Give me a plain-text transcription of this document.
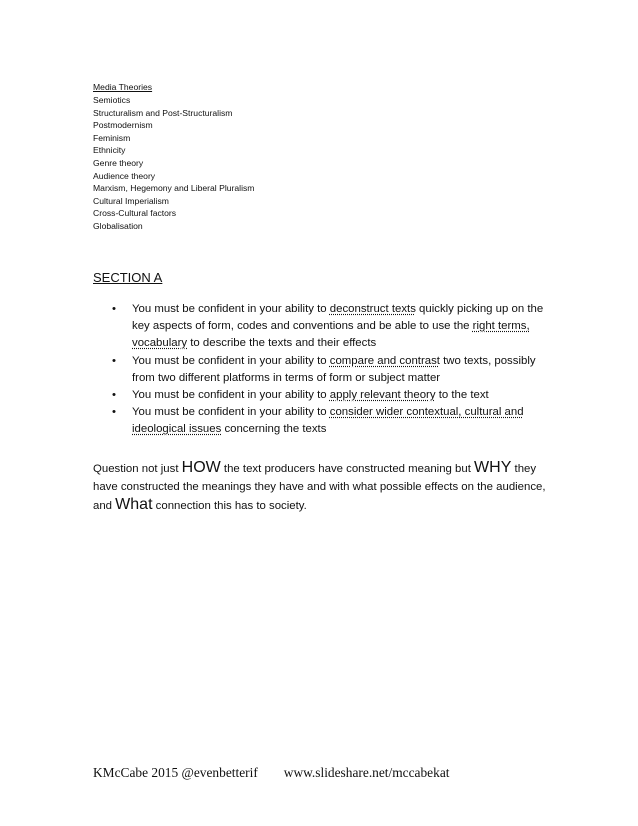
Media Theories
Semiotics
Structuralism and Post-Structuralism
Postmodernism
Feminism
Ethnicity
Genre theory
Audience theory
Marxism, Hegemony and Liberal Pluralism
Cultural Imperialism
Cross-Cultural factors
Globalisation
SECTION A
• You must be confident in your ability to deconstruct texts quickly picking up on the key aspects of form, codes and conventions and be able to use the right terms, vocabulary to describe the texts and their effects
• You must be confident in your ability to compare and contrast two texts, possibly from two different platforms in terms of form or subject matter
• You must be confident in your ability to apply relevant theory to the text
• You must be confident in your ability to consider wider contextual, cultural and ideological issues concerning the texts

Question not just HOW the text producers have constructed meaning but WHY they have constructed the meanings they have and with what possible effects on the audience, and What connection this has to society.

KMcCabe 2015 @evenbetterif www.slideshare.net/mccabekat
